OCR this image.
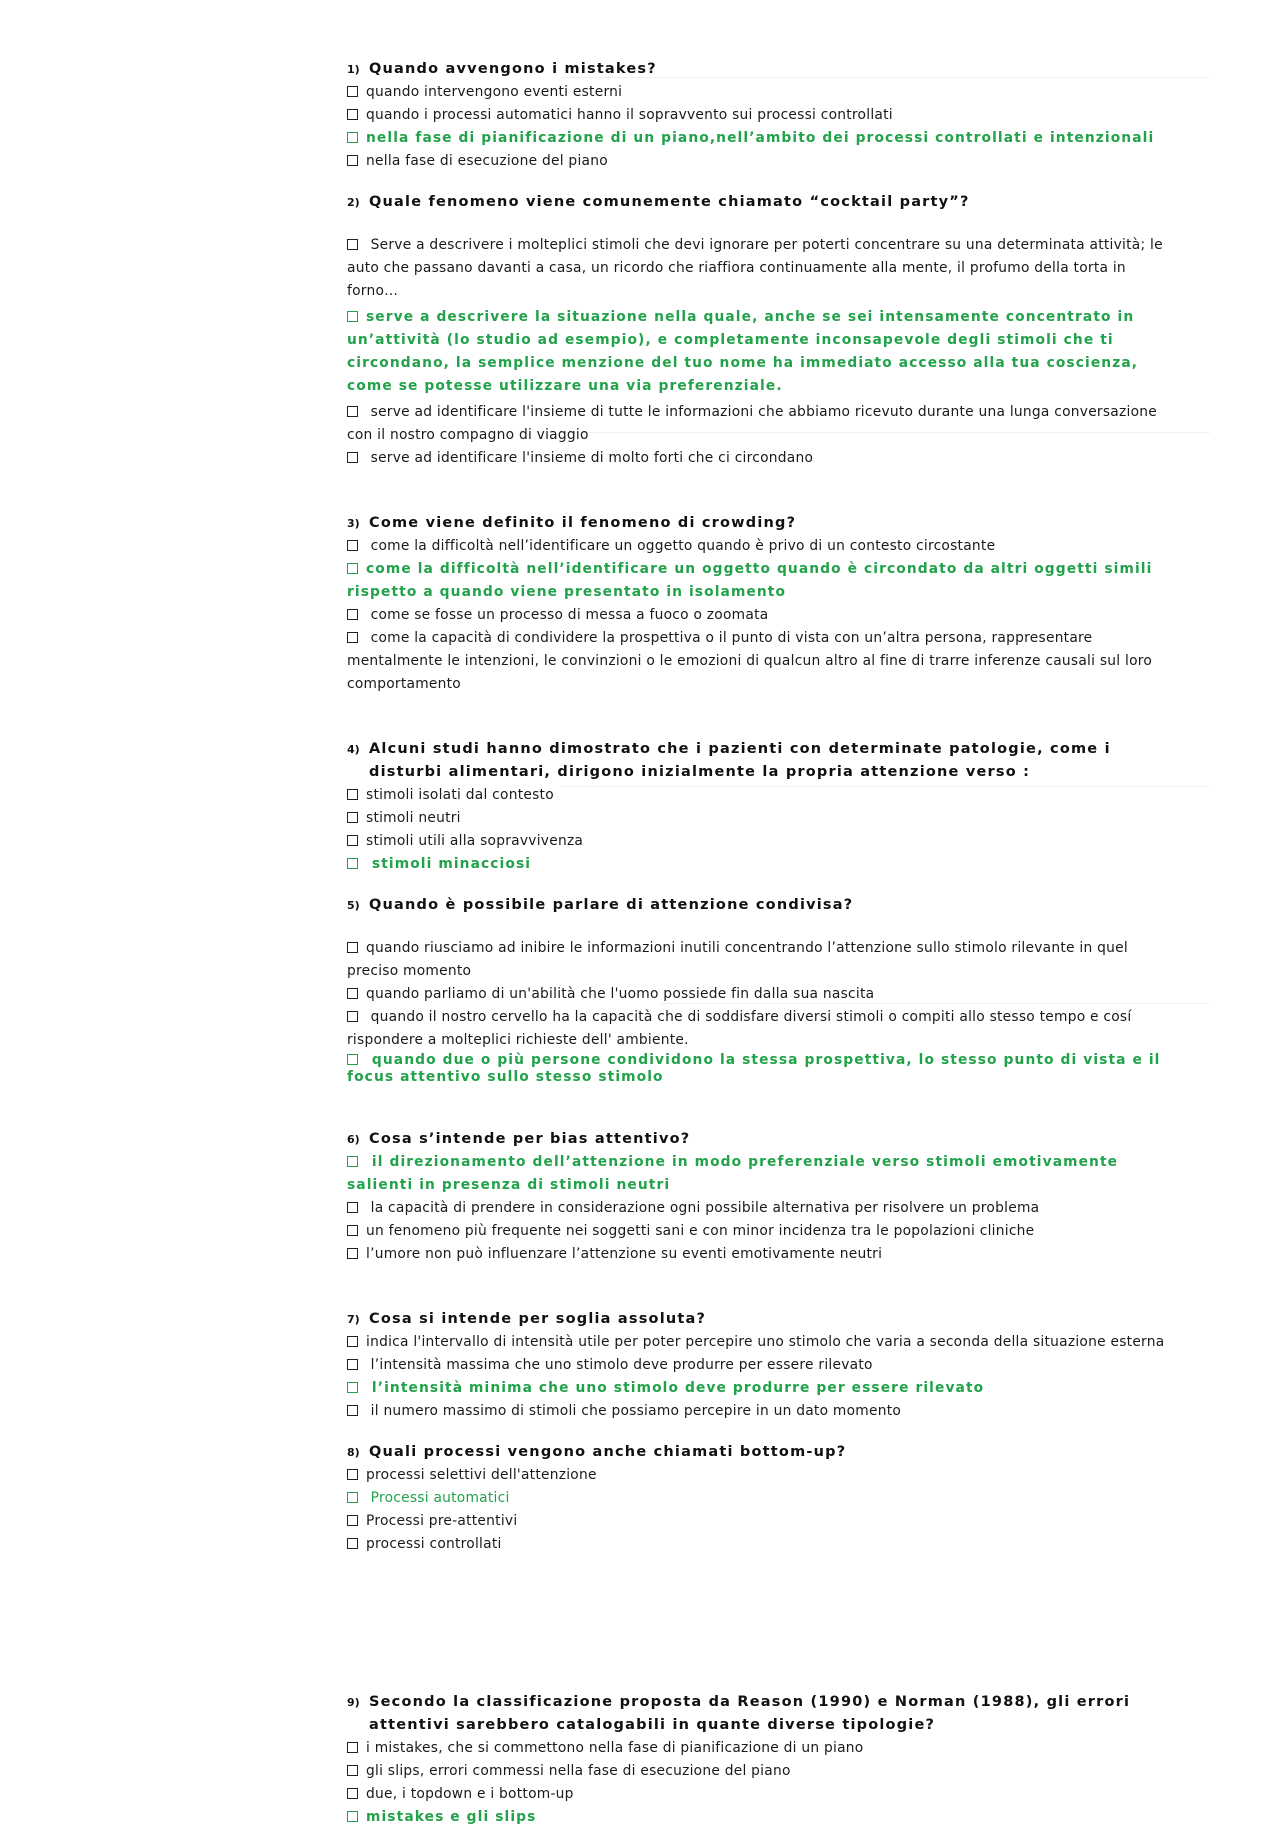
1) Quando avvengono i mistakes?
quando intervengono eventi esterni
quando i processi automatici hanno il sopravvento sui processi controllati
nella fase di pianificazione di un piano,nell’ambito dei processi controllati e intenzionali
nella fase di esecuzione del piano
2) Quale fenomeno viene comunemente chiamato “cocktail party”?
Serve a descrivere i molteplici stimoli che devi ignorare per poterti concentrare su una determinata attività; le auto che passano davanti a casa, un ricordo che riaffiora continuamente alla mente, il profumo della torta in forno…
serve a descrivere la situazione nella quale, anche se sei intensamente concentrato in un’attività (lo studio ad esempio), e completamente inconsapevole degli stimoli che ti circondano, la semplice menzione del tuo nome ha immediato accesso alla tua coscienza, come se potesse utilizzare una via preferenziale.
serve ad identificare l'insieme di tutte le informazioni che abbiamo ricevuto durante una lunga conversazione con il nostro compagno di viaggio
serve ad identificare l'insieme di molto forti che ci circondano
3) Come viene definito il fenomeno di crowding?
come la difficoltà nell’identificare un oggetto quando è privo di un contesto circostante
come la difficoltà nell’identificare un oggetto quando è circondato da altri oggetti simili rispetto a quando viene presentato in isolamento
come se fosse un processo di messa a fuoco o zoomata
come la capacità di condividere la prospettiva o il punto di vista con un’altra persona, rappresentare mentalmente le intenzioni, le convinzioni o le emozioni di qualcun altro al fine di trarre inferenze causali sul loro comportamento
4) Alcuni studi hanno dimostrato che i pazienti con determinate patologie, come i disturbi alimentari, dirigono inizialmente la propria attenzione verso :
stimoli isolati dal contesto
stimoli neutri
stimoli utili alla sopravvivenza
stimoli minacciosi
5) Quando è possibile parlare di attenzione condivisa?
quando riusciamo ad inibire le informazioni inutili concentrando l’attenzione sullo stimolo rilevante in quel preciso momento
quando parliamo di un'abilità che l'uomo possiede fin dalla sua nascita
quando il nostro cervello ha la capacità che di soddisfare diversi stimoli o compiti allo stesso tempo e cosí rispondere a molteplici richieste dell' ambiente.
quando due o più persone condividono la stessa prospettiva, lo stesso punto di vista e il focus attentivo sullo stesso stimolo
6) Cosa s’intende per bias attentivo?
il direzionamento dell’attenzione in modo preferenziale verso stimoli emotivamente salienti in presenza di stimoli neutri
la capacità di prendere in considerazione ogni possibile alternativa per risolvere un problema
un fenomeno più frequente nei soggetti sani e con minor incidenza tra le popolazioni cliniche
l’umore non può influenzare l’attenzione su eventi emotivamente neutri
7) Cosa si intende per soglia assoluta?
indica l'intervallo di intensità utile per poter percepire uno stimolo che varia a seconda della situazione esterna
l’intensità massima che uno stimolo deve produrre per essere rilevato
l’intensità minima che uno stimolo deve produrre per essere rilevato
il numero massimo di stimoli che possiamo percepire in un dato momento
8) Quali processi vengono anche chiamati bottom-up?
processi selettivi dell'attenzione
Processi automatici
Processi pre-attentivi
processi controllati
9) Secondo la classificazione proposta da Reason (1990) e Norman (1988), gli errori attentivi sarebbero catalogabili in quante diverse tipologie?
i mistakes, che si commettono nella fase di pianificazione di un piano
gli slips, errori commessi nella fase di esecuzione del piano
due, i topdown e i bottom-up
mistakes e gli slips
